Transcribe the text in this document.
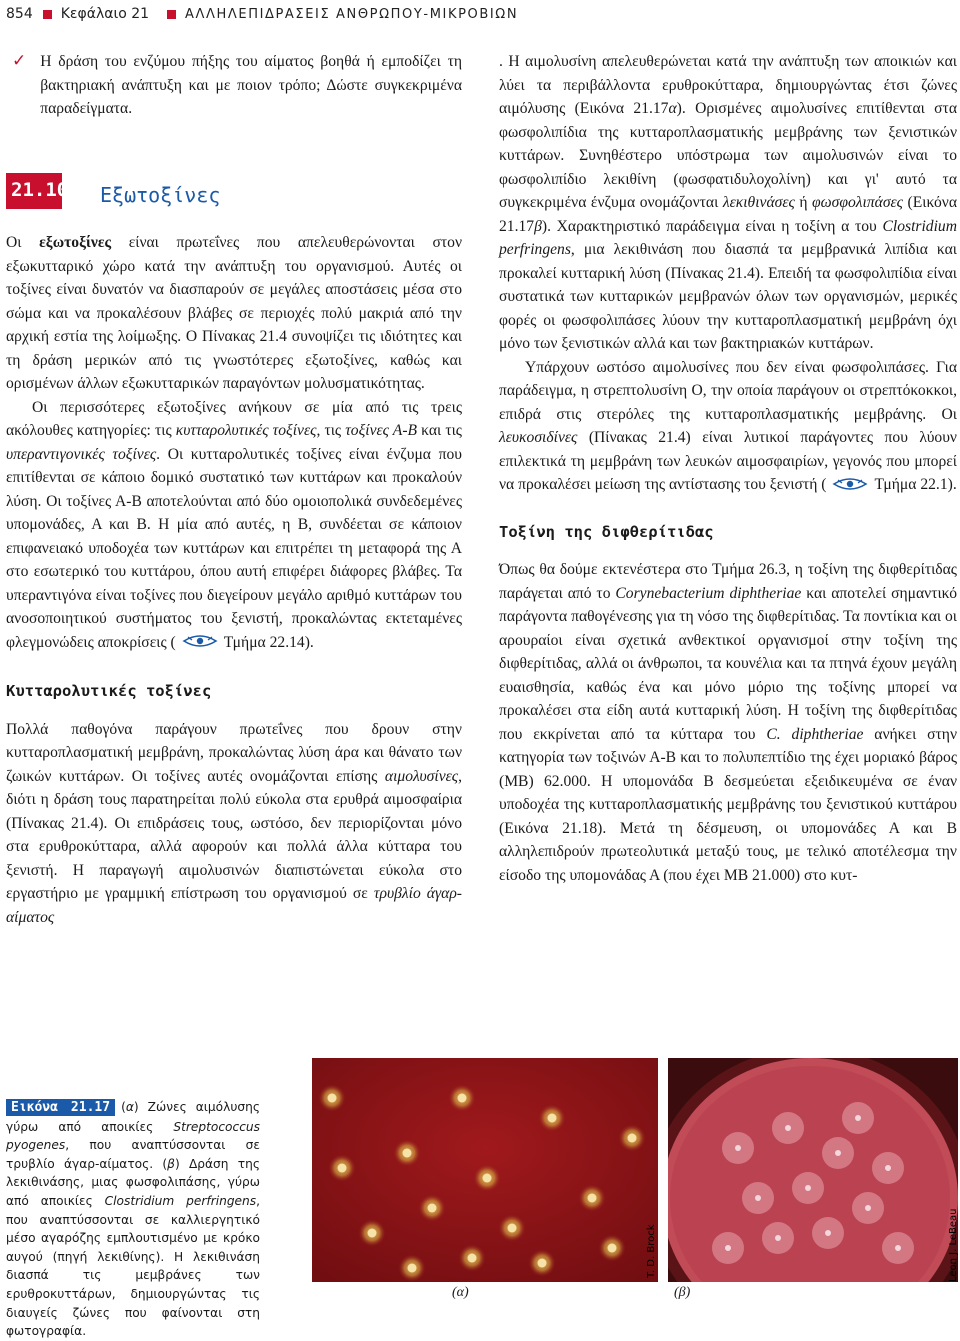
854 Κεφάλαιο 21	ΑΛΛΗΛΕΠΙΔΡΑΣΕΙΣ ΑΝΘΡΩΠΟΥ-ΜΙΚΡΟΒΙΩΝ
✓ Η δράση του ενζύμου πήξης του αίματος βοηθά ή εμποδίζει τη βακτηριακή ανάπτυξη και με ποιον τρόπο; Δώστε συγκεκριμένα παραδείγματα.
21.10 Εξωτοξίνες

Οι εξωτοξίνες είναι πρωτεΐνες που απελευθερώνονται στον εξωκυτταρικό χώρο κατά την ανάπτυξη του οργανισμού. Αυτές οι τοξίνες είναι δυνατόν να διασπαρούν σε μεγάλες αποστάσεις μέσα στο σώμα και να προκαλέσουν βλάβες σε περιοχές πολύ μακριά από την αρχική εστία της λοίμωξης. Ο Πίνακας 21.4 συνοψίζει τις ιδιότητες και τη δράση μερικών από τις γνωστότερες εξωτοξίνες, καθώς και ορισμένων άλλων εξωκυτταρικών παραγόντων μολυσματικότητας.

Οι περισσότερες εξωτοξίνες ανήκουν σε μία από τις τρεις ακόλουθες κατηγορίες: τις κυτταρολυτικές τοξίνες, τις τοξίνες Α-Β και τις υπεραντιγονικές τοξίνες. Οι κυτταρολυτικές τοξίνες είναι ένζυμα που επιτίθενται σε κάποιο δομικό συστατικό των κυττάρων και προκαλούν λύση. Οι τοξίνες Α-Β αποτελούνται από δύο ομοιοπολικά συνδεδεμένες υπομονάδες, Α και Β. Η μία από αυτές, η Β, συνδέεται σε κάποιον επιφανειακό υποδοχέα των κυττάρων και επιτρέπει τη μεταφορά της Α στο εσωτερικό του κυττάρου, όπου αυτή επιφέρει διάφορες βλάβες. Τα υπεραντιγόνα είναι τοξίνες που διεγείρουν μεγάλο αριθμό κυττάρων του ανοσοποιητικού συστήματος του ξενιστή, προκαλώντας εκτεταμένες φλεγμονώδεις αποκρίσεις (	Τμήμα 22.14).

Κυτταρολυτικές τοξίνες

Πολλά παθογόνα παράγουν πρωτεΐνες που δρουν στην κυτταροπλασματική μεμβράνη, προκαλώντας λύση άρα και θάνατο των ζωικών κυττάρων. Οι τοξίνες αυτές ονομάζονται επίσης αιμολυσίνες, διότι η δράση τους παρατηρείται πολύ εύκολα στα ερυθρά αιμοσφαίρια (Πίνακας 21.4). Οι επιδράσεις τους, ωστόσο, δεν περιορίζονται μόνο στα ερυθροκύτταρα, αλλά αφορούν και πολλά άλλα κύτταρα του ξενιστή. Η παραγωγή αιμολυσινών διαπιστώνεται εύκολα στο εργαστήριο με γραμμική επίστρωση του οργανισμού σε τρυβλίο άγαρ-αίματος

. Η αιμολυσίνη απελευθερώνεται κατά την ανάπτυξη των αποικιών και λύει τα περιβάλλοντα ερυθροκύτταρα, δημιουργώντας έτσι ζώνες αιμόλυσης (Εικόνα 21.17α). Ορισμένες αιμολυσίνες επιτίθενται στα φωσφολιπίδια της κυτταροπλασματικής μεμβράνης των ξενιστικών κυττάρων. Συνηθέστερο υπόστρωμα των αιμολυσινών είναι το φωσφολιπίδιο λεκιθίνη (φωσφατιδυλοχολίνη) και γι' αυτό τα συγκεκριμένα ένζυμα ονομάζονται λεκιθινάσες ή φωσφολιπάσες (Εικόνα 21.17β). Χαρακτηριστικό παράδειγμα είναι η τοξίνη α του Clostridium perfringens, μια λεκιθινάση που διασπά τα μεμβρανικά λιπίδια και προκαλεί κυτταρική λύση (Πίνακας 21.4). Επειδή τα φωσφολιπίδια είναι συστατικά των κυτταρικών μεμβρανών όλων των οργανισμών, μερικές φορές οι φωσφολιπάσες λύουν την κυτταροπλασματική μεμβράνη όχι μόνο των ξενιστικών αλλά και των βακτηριακών κυττάρων.

Υπάρχουν ωστόσο αιμολυσίνες που δεν είναι φωσφολιπάσες. Για παράδειγμα, η στρεπτολυσίνη O, την οποία παράγουν οι στρεπτόκοκκοι, επιδρά στις στερόλες της κυτταροπλασματικής μεμβράνης. Οι λευκοσιδίνες (Πίνακας 21.4) είναι λυτικοί παράγοντες που λύουν επιλεκτικά τη μεμβράνη των λευκών αιμοσφαιρίων, γεγονός που μπορεί να προκαλέσει μείωση της αντίστασης του ξενιστή (	Τμήμα 22.1).

Τοξίνη της διφθερίτιδας

Όπως θα δούμε εκτενέστερα στο Τμήμα 26.3, η τοξίνη της διφθερίτιδας παράγεται από το Corynebacterium diphtheriae και αποτελεί σημαντικό παράγοντα παθογένεσης για τη νόσο της διφθερίτιδας. Τα ποντίκια και οι αρουραίοι είναι σχετικά ανθεκτικοί οργανισμοί στην τοξίνη της διφθερίτιδας, αλλά οι άνθρωποι, τα κουνέλια και τα πτηνά έχουν μεγάλη ευαισθησία, καθώς ένα και μόνο μόριο της τοξίνης μπορεί να προκαλέσει στα είδη αυτά κυτταρική λύση. Η τοξίνη της διφθερίτιδας που εκκρίνεται από τα κύτταρα του C. diphtheriae ανήκει στην κατηγορία των τοξινών Α-Β και το πολυπεπτίδιο της έχει μοριακό βάρος (MB) 62.000. Η υπομονάδα Β δεσμεύεται εξειδικευμένα σε έναν υποδοχέα της κυτταροπλασματικής μεμβράνης του ξενιστικού κυττάρου (Εικόνα 21.18). Μετά τη δέσμευση, οι υπομονάδες Α και Β αλληλεπιδρούν πρωτεολυτικά μεταξύ τους, με τελικό αποτέλεσμα την είσοδο της υπομονάδας Α (που έχει ΜΒ 21.000) στο κυτ-

Εικόνα 21.17 (α) Ζώνες αιμόλυσης γύρω από αποικίες Streptococcus pyogenes, που αναπτύσσονται σε τρυβλίο άγαρ-αίματος. (β) Δράση της λεκιθινάσης, μιας φωσφολιπάσης, γύρω από αποικίες Clostridium perfringens, που αναπτύσσονται σε καλλιεργητικό μέσο αγαρόζης εμπλουτισμένο με κρόκο αυγού (πηγή λεκιθίνης). Η λεκιθινάση διασπά τις μεμβράνες των ερυθροκυττάρων, δημιουργώντας τις διαυγείς ζώνες που φαίνονται στη φωτογραφία.
T. D. Brock	Leon J. LeBeau
(α)	(β)
